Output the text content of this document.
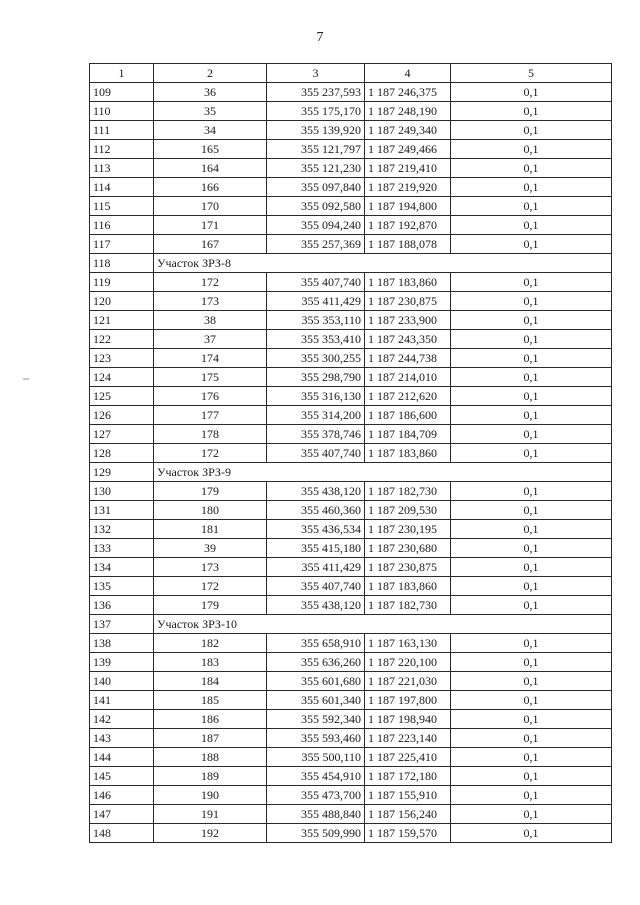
7
1	2	3	4	5
109	36	355 237,593	1 187 246,375	0,1
110	35	355 175,170	1 187 248,190	0,1
111	34	355 139,920	1 187 249,340	0,1
112	165	355 121,797	1 187 249,466	0,1
113	164	355 121,230	1 187 219,410	0,1
114	166	355 097,840	1 187 219,920	0,1
115	170	355 092,580	1 187 194,800	0,1
116	171	355 094,240	1 187 192,870	0,1
117	167	355 257,369	1 187 188,078	0,1
118	Участок ЗРЗ-8			
119	172	355 407,740	1 187 183,860	0,1
120	173	355 411,429	1 187 230,875	0,1
121	38	355 353,110	1 187 233,900	0,1
122	37	355 353,410	1 187 243,350	0,1
123	174	355 300,255	1 187 244,738	0,1
124	175	355 298,790	1 187 214,010	0,1
125	176	355 316,130	1 187 212,620	0,1
126	177	355 314,200	1 187 186,600	0,1
127	178	355 378,746	1 187 184,709	0,1
128	172	355 407,740	1 187 183,860	0,1
129	Участок ЗРЗ-9			
130	179	355 438,120	1 187 182,730	0,1
131	180	355 460,360	1 187 209,530	0,1
132	181	355 436,534	1 187 230,195	0,1
133	39	355 415,180	1 187 230,680	0,1
134	173	355 411,429	1 187 230,875	0,1
135	172	355 407,740	1 187 183,860	0,1
136	179	355 438,120	1 187 182,730	0,1
137	Участок ЗРЗ-10			
138	182	355 658,910	1 187 163,130	0,1
139	183	355 636,260	1 187 220,100	0,1
140	184	355 601,680	1 187 221,030	0,1
141	185	355 601,340	1 187 197,800	0,1
142	186	355 592,340	1 187 198,940	0,1
143	187	355 593,460	1 187 223,140	0,1
144	188	355 500,110	1 187 225,410	0,1
145	189	355 454,910	1 187 172,180	0,1
146	190	355 473,700	1 187 155,910	0,1
147	191	355 488,840	1 187 156,240	0,1
148	192	355 509,990	1 187 159,570	0,1
